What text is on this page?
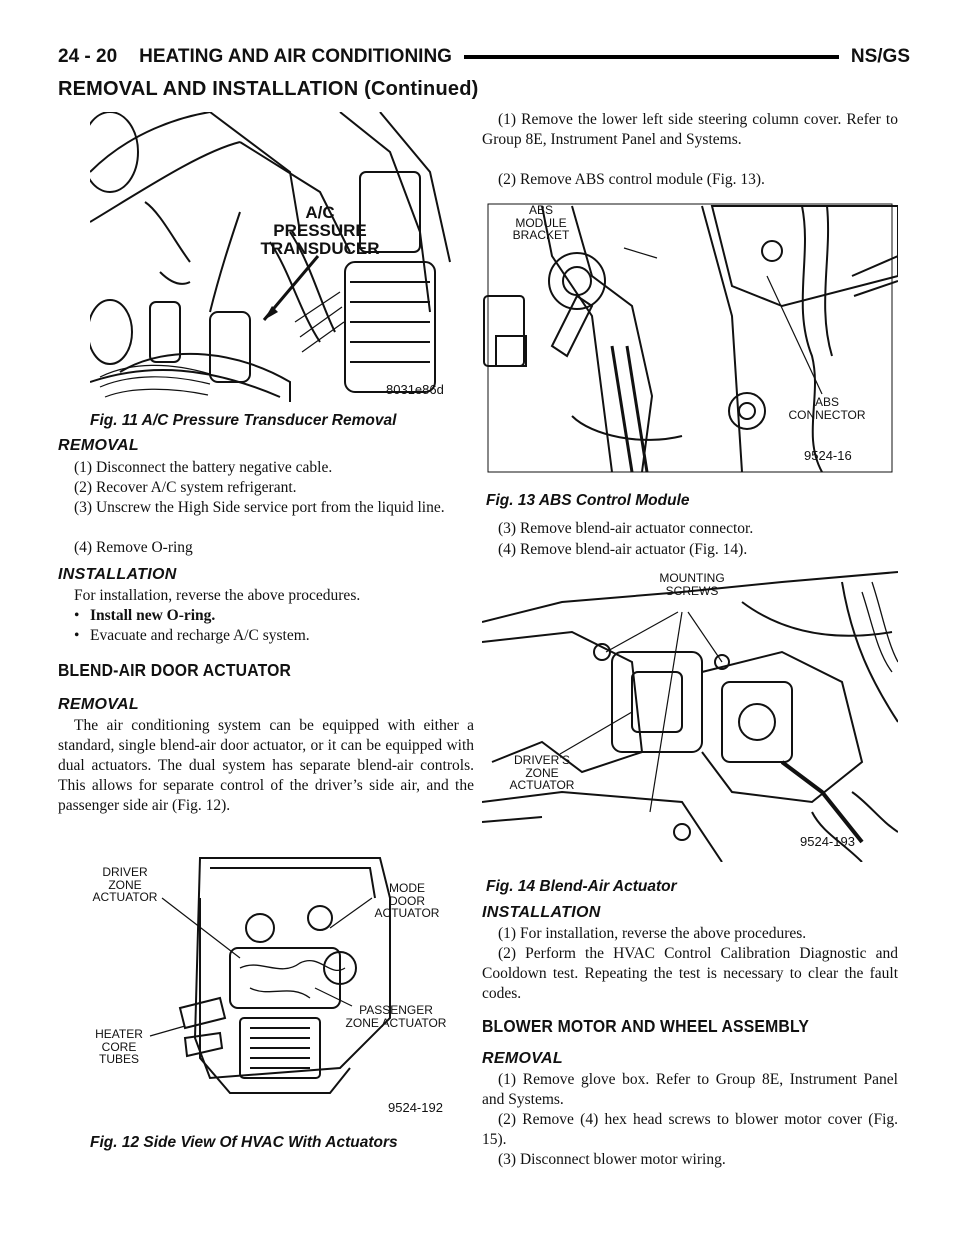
24 - 20 HEATING AND AIR CONDITIONING	NS/GS
REMOVAL AND INSTALLATION (Continued)
A/C
PRESSURE
TRANSDUCER
8031e86d
Fig. 11 A/C Pressure Transducer Removal
REMOVAL
(1) Disconnect the battery negative cable.
(2) Recover A/C system refrigerant.
(3) Unscrew the High Side service port from the liquid line.
(4) Remove O-ring
INSTALLATION
For installation, reverse the above procedures.
• Install new O-ring.
• Evacuate and recharge A/C system.
BLEND-AIR DOOR ACTUATOR
REMOVAL
The air conditioning system can be equipped with either a standard, single blend-air door actuator, or it can be equipped with dual actuators. The dual system has separate blend-air controls. This allows for separate control of the driver’s side air, and the passenger side air (Fig. 12).
DRIVER
ZONE
ACTUATOR
MODE
DOOR
ACTUATOR
PASSENGER
ZONE ACTUATOR
HEATER
CORE
TUBES
9524-192
Fig. 12 Side View Of HVAC With Actuators
(1) Remove the lower left side steering column cover. Refer to Group 8E, Instrument Panel and Systems.
(2) Remove ABS control module (Fig. 13).
ABS
MODULE
BRACKET
ABS
CONNECTOR
9524-16
Fig. 13 ABS Control Module
(3) Remove blend-air actuator connector.
(4) Remove blend-air actuator (Fig. 14).
MOUNTING
SCREWS
DRIVER’S
ZONE
ACTUATOR
9524-193
Fig. 14 Blend-Air Actuator
INSTALLATION
(1) For installation, reverse the above procedures.
(2) Perform the HVAC Control Calibration Diagnostic and Cooldown test. Repeating the test is necessary to clear the fault codes.
BLOWER MOTOR AND WHEEL ASSEMBLY
REMOVAL
(1) Remove glove box. Refer to Group 8E, Instrument Panel and Systems.
(2) Remove (4) hex head screws to blower motor cover (Fig. 15).
(3) Disconnect blower motor wiring.
